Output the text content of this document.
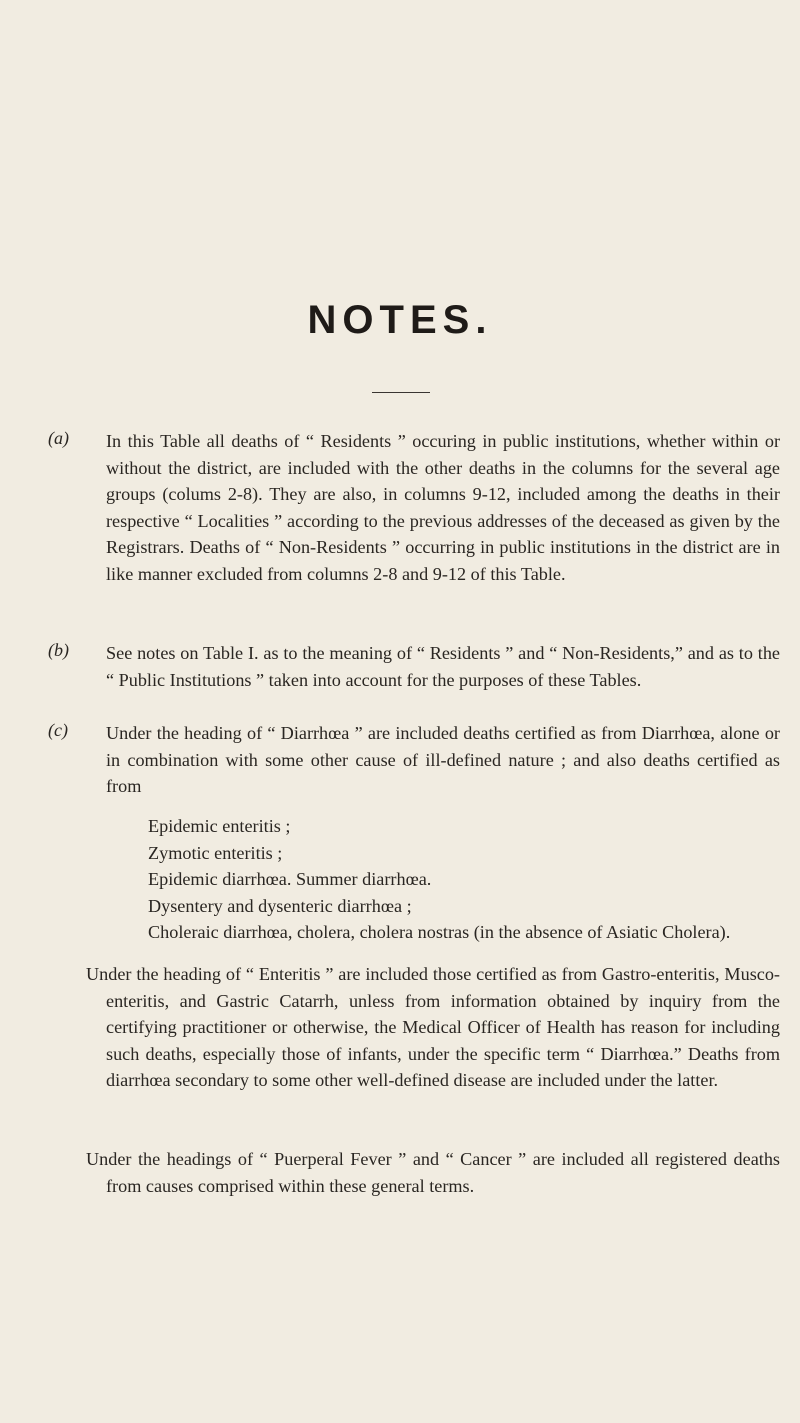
NOTES.
(a) In this Table all deaths of “ Residents ” occuring in public institutions, whether within or without the district, are included with the other deaths in the columns for the several age groups (colums 2-8). They are also, in columns 9-12, included among the deaths in their respective “ Localities ” according to the previous addresses of the deceased as given by the Registrars. Deaths of “ Non-Residents ” occurring in public institutions in the district are in like manner excluded from columns 2-8 and 9-12 of this Table.
(b) See notes on Table I. as to the meaning of “ Residents ” and “ Non-Residents,” and as to the “ Public Institutions ” taken into account for the purposes of these Tables.
(c) Under the heading of “ Diarrhœa ” are included deaths certified as from Diarrhœa, alone or in combination with some other cause of ill-defined nature ; and also deaths certified as from

Epidemic enteritis ;

Zymotic enteritis ;

Epidemic diarrhœa. Summer diarrhœa.

Dysentery and dysenteric diarrhœa ;

Choleraic diarrhœa, cholera, cholera nostras (in the absence of Asiatic Cholera).

Under the heading of “ Enteritis ” are included those certified as from Gastro-enteritis, Musco-enteritis, and Gastric Catarrh, unless from information obtained by inquiry from the certifying practitioner or otherwise, the Medical Officer of Health has reason for including such deaths, especially those of infants, under the specific term “ Diarrhœa.” Deaths from diarrhœa secondary to some other well-defined disease are included under the latter.
Under the headings of “ Puerperal Fever ” and “ Cancer ” are included all registered deaths from causes comprised within these general terms.
